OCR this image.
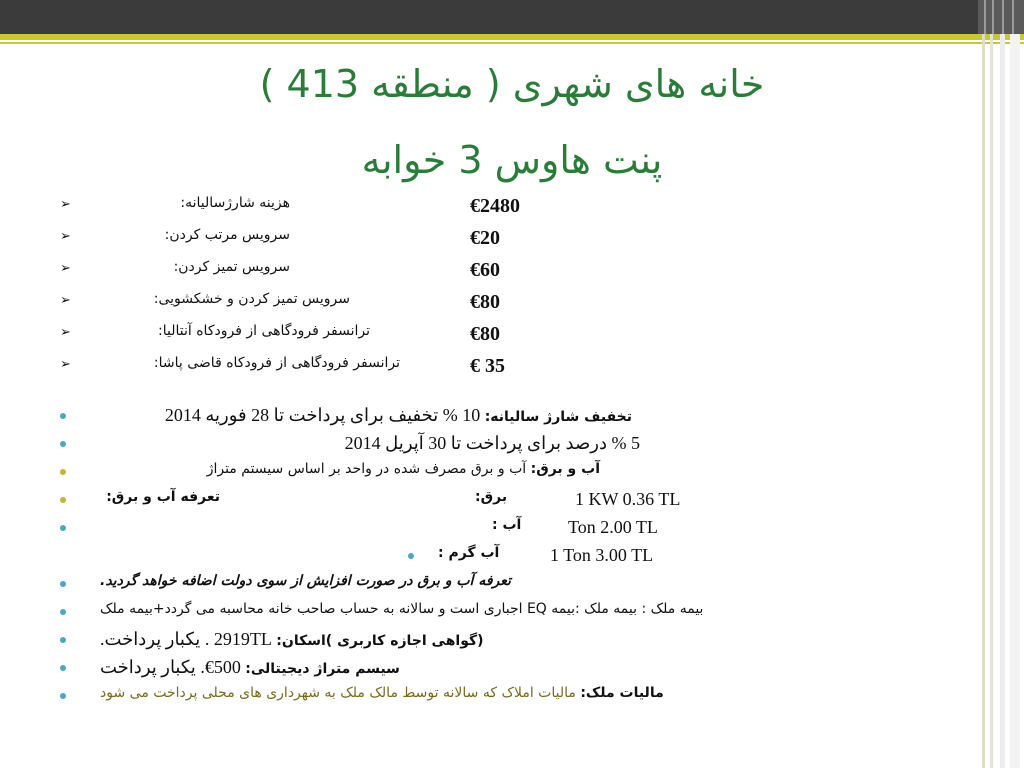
خانه های شهری ( منطقه 413 )
پنت هاوس 3 خوابه
➢	هزینه شارژسالیانه:	€2480
➢	سرویس مرتب کردن:	€20
➢	سرویس تمیز کردن:	€60
➢	سرویس تمیز کردن و خشکشویی:	€80
➢	ترانسفر فرودگاهی از فرودکاه آنتالیا:	€80
➢	ترانسفر فرودگاهی از فرودکاه قاضی پاشا:	€ 35
تخفیف شارژ سالیانه: 10 % تخفیف برای پرداخت تا 28 فوریه 2014
5 % درصد برای پرداخت تا 30 آپریل 2014
آب و برق: آب و برق مصرف شده در واحد بر اساس سیستم متراژ
تعرفه آب و برق:	برق:	1 KW 0.36 TL
آب :	Ton 2.00 TL
آب گرم :	1 Ton 3.00 TL
تعرفه آب و برق در صورت افزایش از سوی دولت اضافه خواهد گردید.
بیمه ملک : بیمه ملک :بیمه EQ اجباری است و سالانه به حساب صاحب خانه محاسبه می گردد+بیمه ملک
(گواهی اجازه کاربری )اسکان: 2919TL . یکبار پرداخت.
سیسم متراژ دیجیتالی: 500€. یکبار پرداخت
مالیات ملک: مالیات املاک که سالانه توسط مالک ملک به شهرداری های محلی پرداخت می شود
